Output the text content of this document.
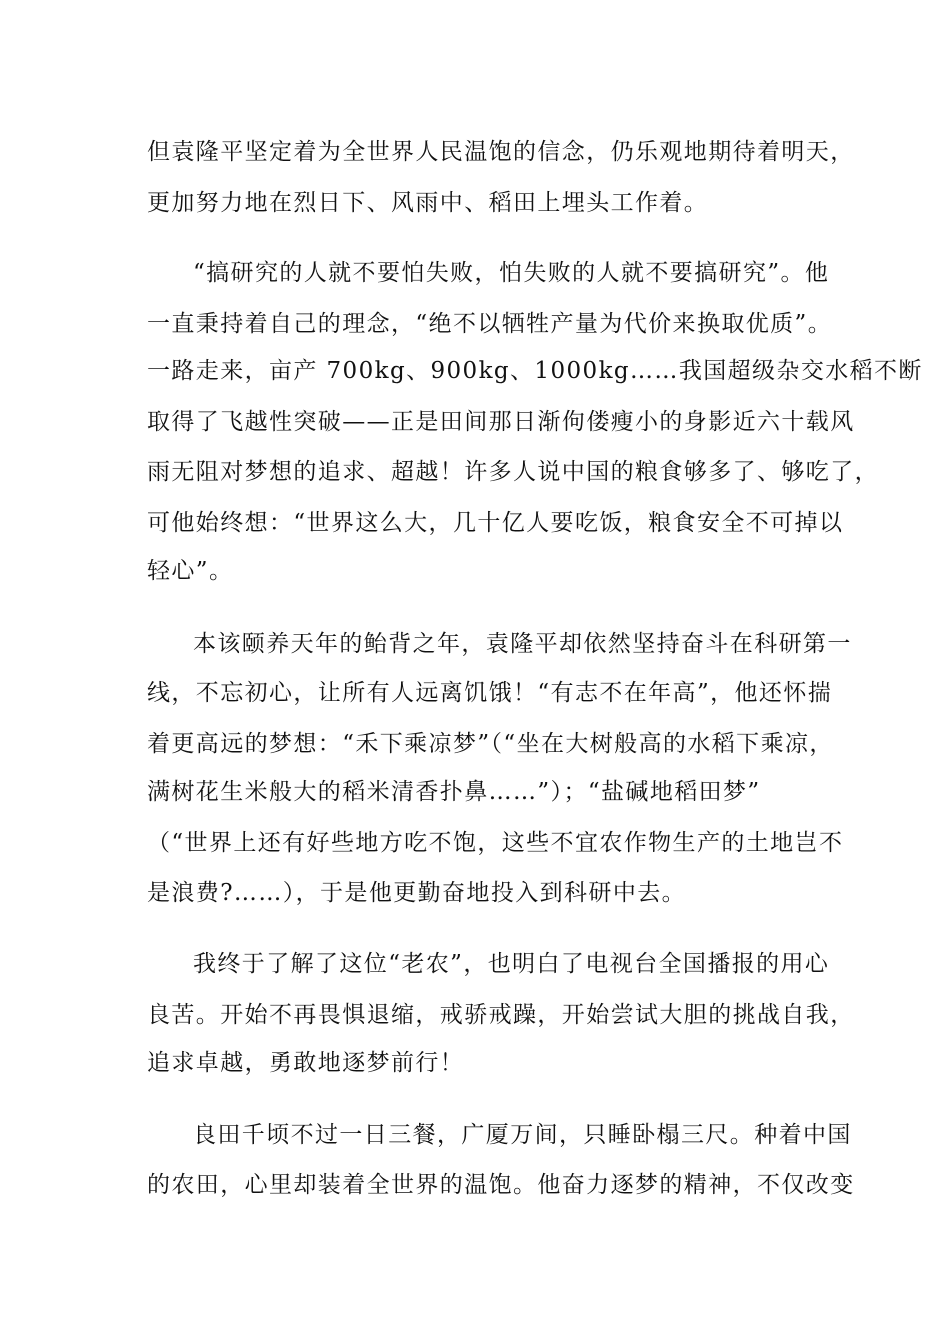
但袁隆平坚定着为全世界人民温饱的信念，仍乐观地期待着明天，
更加努力地在烈日下、风雨中、稻田上埋头工作着。
“搞研究的人就不要怕失败，怕失败的人就不要搞研究”。他
一直秉持着自己的理念，“绝不以牺牲产量为代价来换取优质”。
一路走来，亩产 700kg、900kg、1000kg……我国超级杂交水稻不断
取得了飞越性突破——正是田间那日渐佝偻瘦小的身影近六十载风
雨无阻对梦想的追求、超越！许多人说中国的粮食够多了、够吃了，
可他始终想：“世界这么大，几十亿人要吃饭，粮食安全不可掉以
轻心”。
本该颐养天年的鲐背之年，袁隆平却依然坚持奋斗在科研第一
线，不忘初心，让所有人远离饥饿！“有志不在年高”，他还怀揣
着更高远的梦想：“禾下乘凉梦”（“坐在大树般高的水稻下乘凉，
满树花生米般大的稻米清香扑鼻……”）；“盐碱地稻田梦”
（“世界上还有好些地方吃不饱，这些不宜农作物生产的土地岂不
是浪费?……），于是他更勤奋地投入到科研中去。
我终于了解了这位“老农”，也明白了电视台全国播报的用心
良苦。开始不再畏惧退缩，戒骄戒躁，开始尝试大胆的挑战自我，
追求卓越，勇敢地逐梦前行！
良田千顷不过一日三餐，广厦万间，只睡卧榻三尺。种着中国
的农田，心里却装着全世界的温饱。他奋力逐梦的精神，不仅改变
